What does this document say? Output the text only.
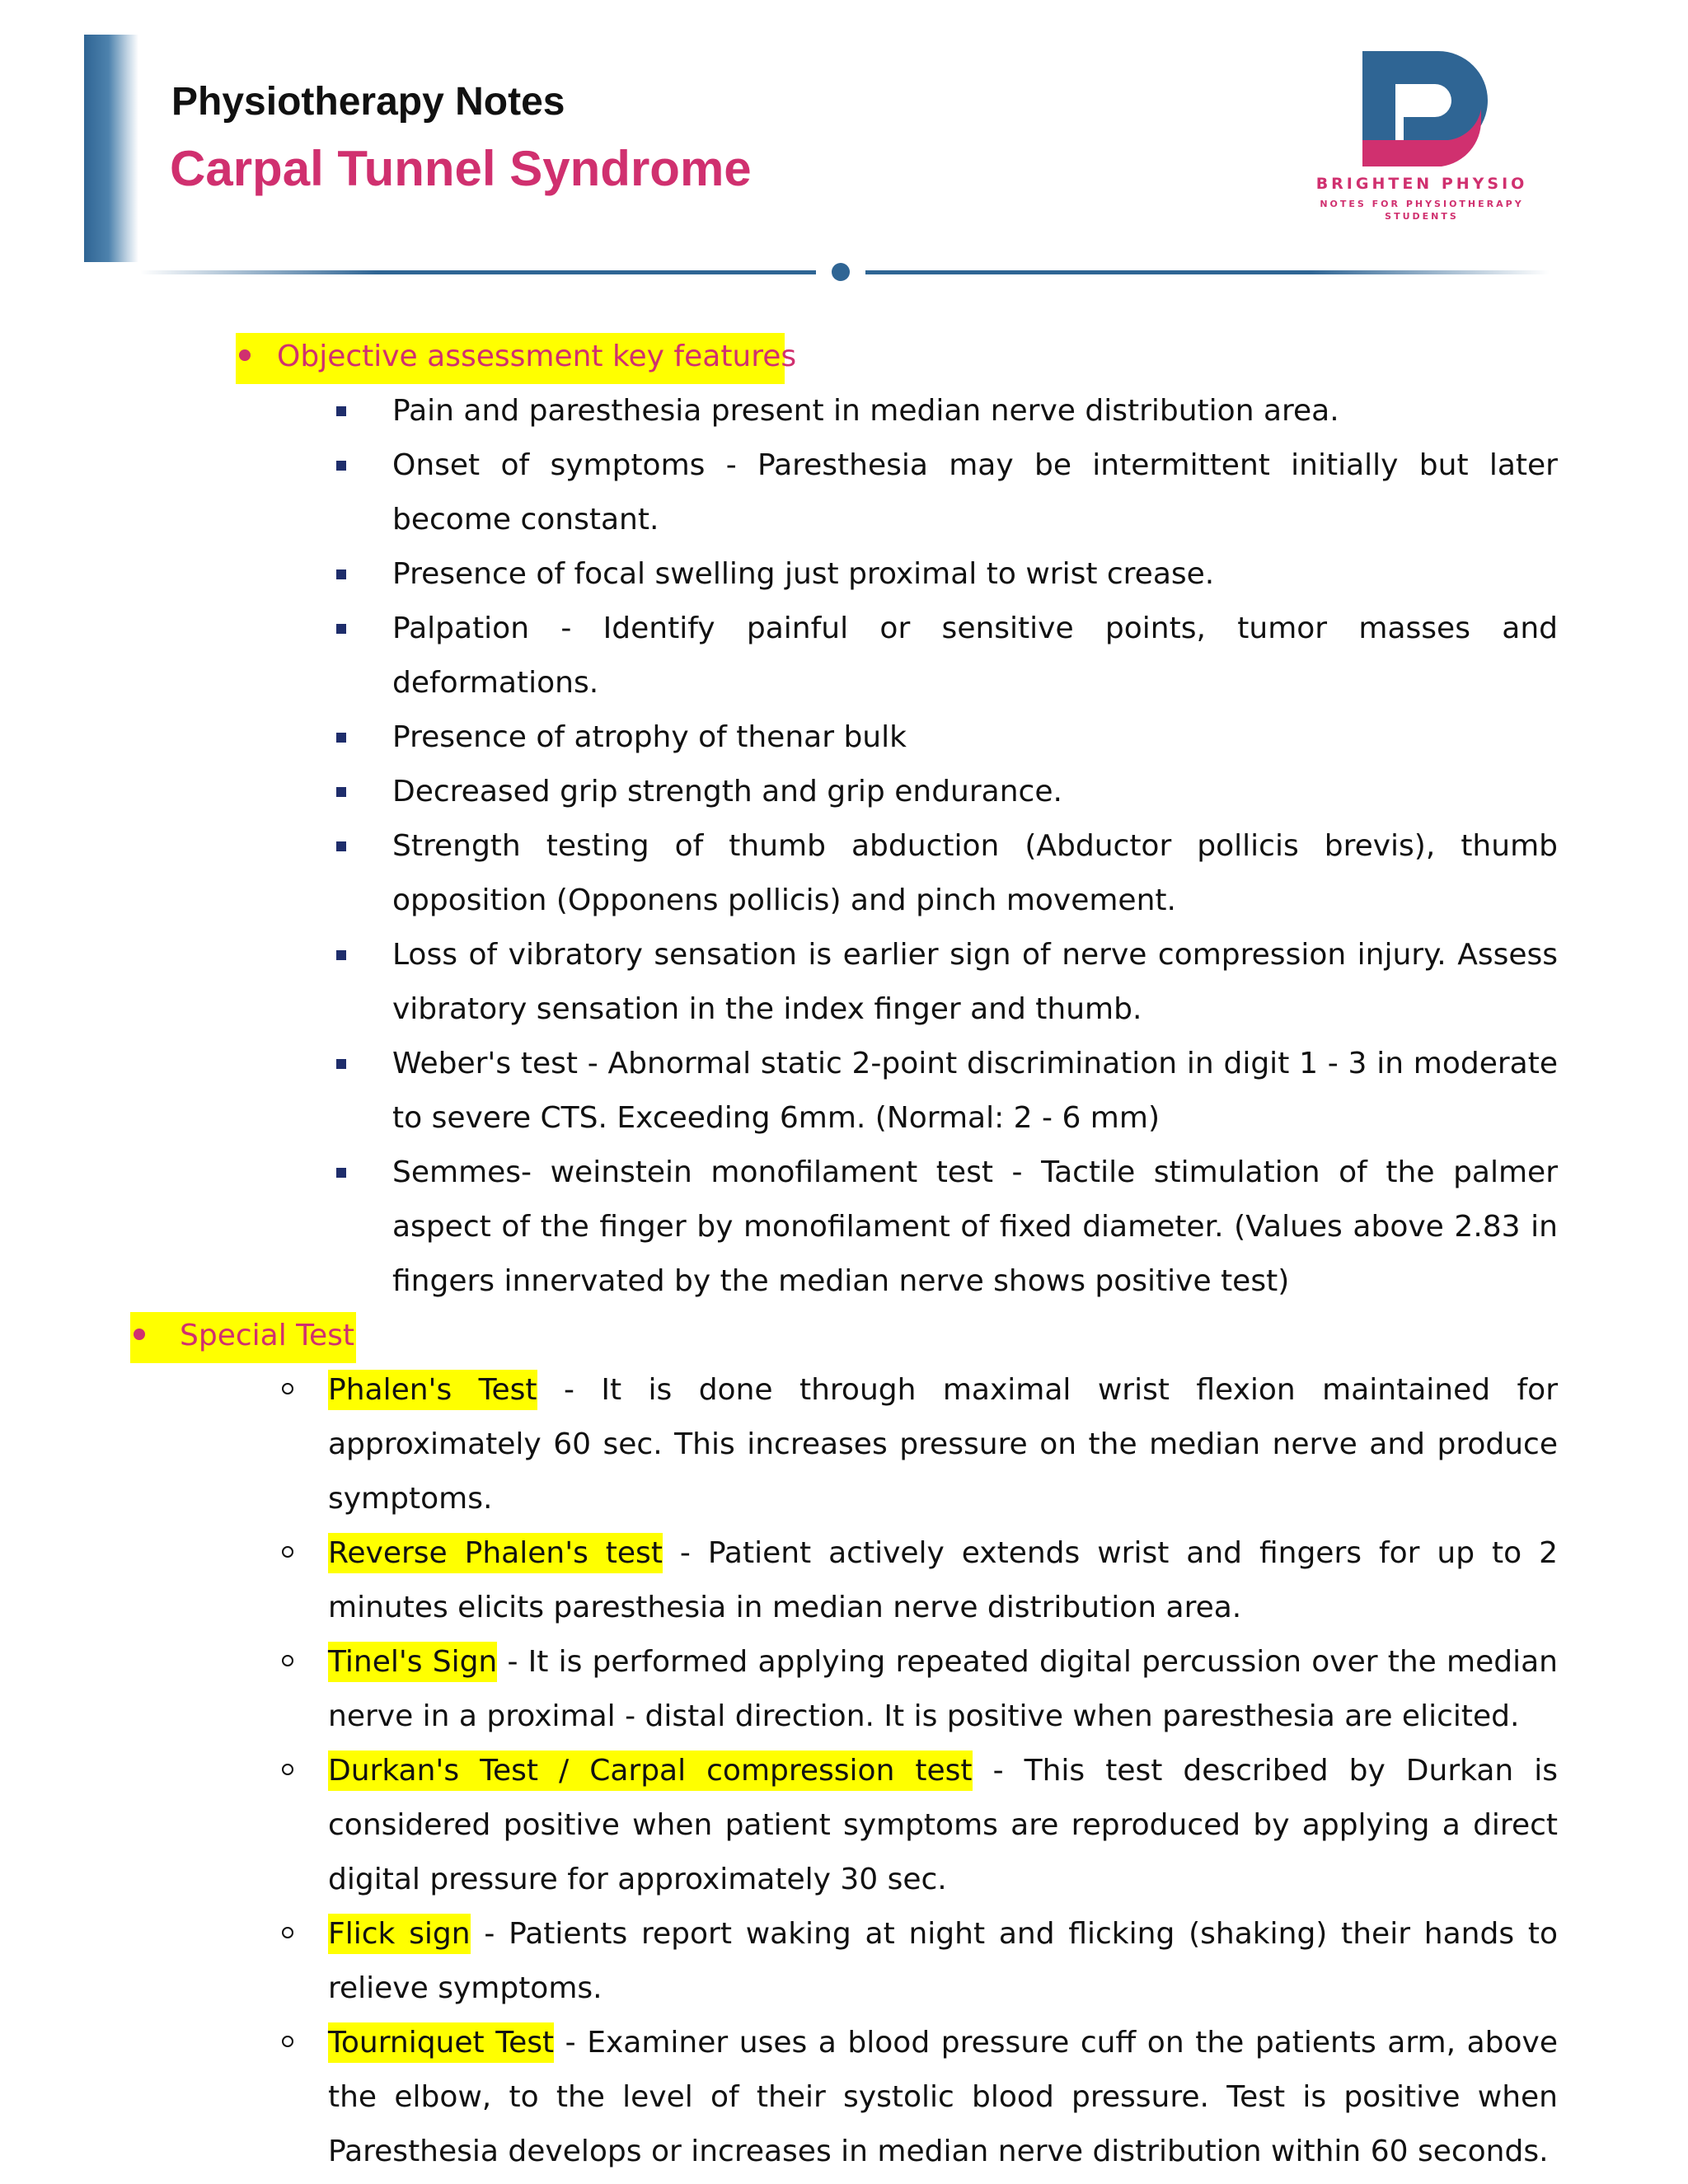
Physiotherapy Notes
Carpal Tunnel Syndrome	BRIGHTEN PHYSIO
NOTES FOR PHYSIOTHERAPY
STUDENTS
Objective assessment key features
Pain and paresthesia present in median nerve distribution area.
Onset of symptoms - Paresthesia may be intermittent initially but later become constant.
Presence of focal swelling just proximal to wrist crease.
Palpation - Identify painful or sensitive points, tumor masses and deformations.
Presence of atrophy of thenar bulk
Decreased grip strength and grip endurance.
Strength testing of thumb abduction (Abductor pollicis brevis), thumb opposition (Opponens pollicis) and pinch movement.
Loss of vibratory sensation is earlier sign of nerve compression injury. Assess vibratory sensation in the index finger and thumb.
Weber's test - Abnormal static 2-point discrimination in digit 1 - 3 in moderate to severe CTS. Exceeding 6mm. (Normal: 2 - 6 mm)
Semmes- weinstein monofilament test - Tactile stimulation of the palmer aspect of the finger by monofilament of fixed diameter. (Values above 2.83 in fingers innervated by the median nerve shows positive test)
Special Test
Phalen's Test - It is done through maximal wrist flexion maintained for approximately 60 sec. This increases pressure on the median nerve and produce symptoms.
Reverse Phalen's test - Patient actively extends wrist and fingers for up to 2 minutes elicits paresthesia in median nerve distribution area.
Tinel's Sign - It is performed applying repeated digital percussion over the median nerve in a proximal - distal direction. It is positive when paresthesia are elicited.
Durkan's Test / Carpal compression test - This test described by Durkan is considered positive when patient symptoms are reproduced by applying a direct digital pressure for approximately 30 sec.
Flick sign - Patients report waking at night and flicking (shaking) their hands to relieve symptoms.
Tourniquet Test - Examiner uses a blood pressure cuff on the patients arm, above the elbow, to the level of their systolic blood pressure. Test is positive when Paresthesia develops or increases in median nerve distribution within 60 seconds.
